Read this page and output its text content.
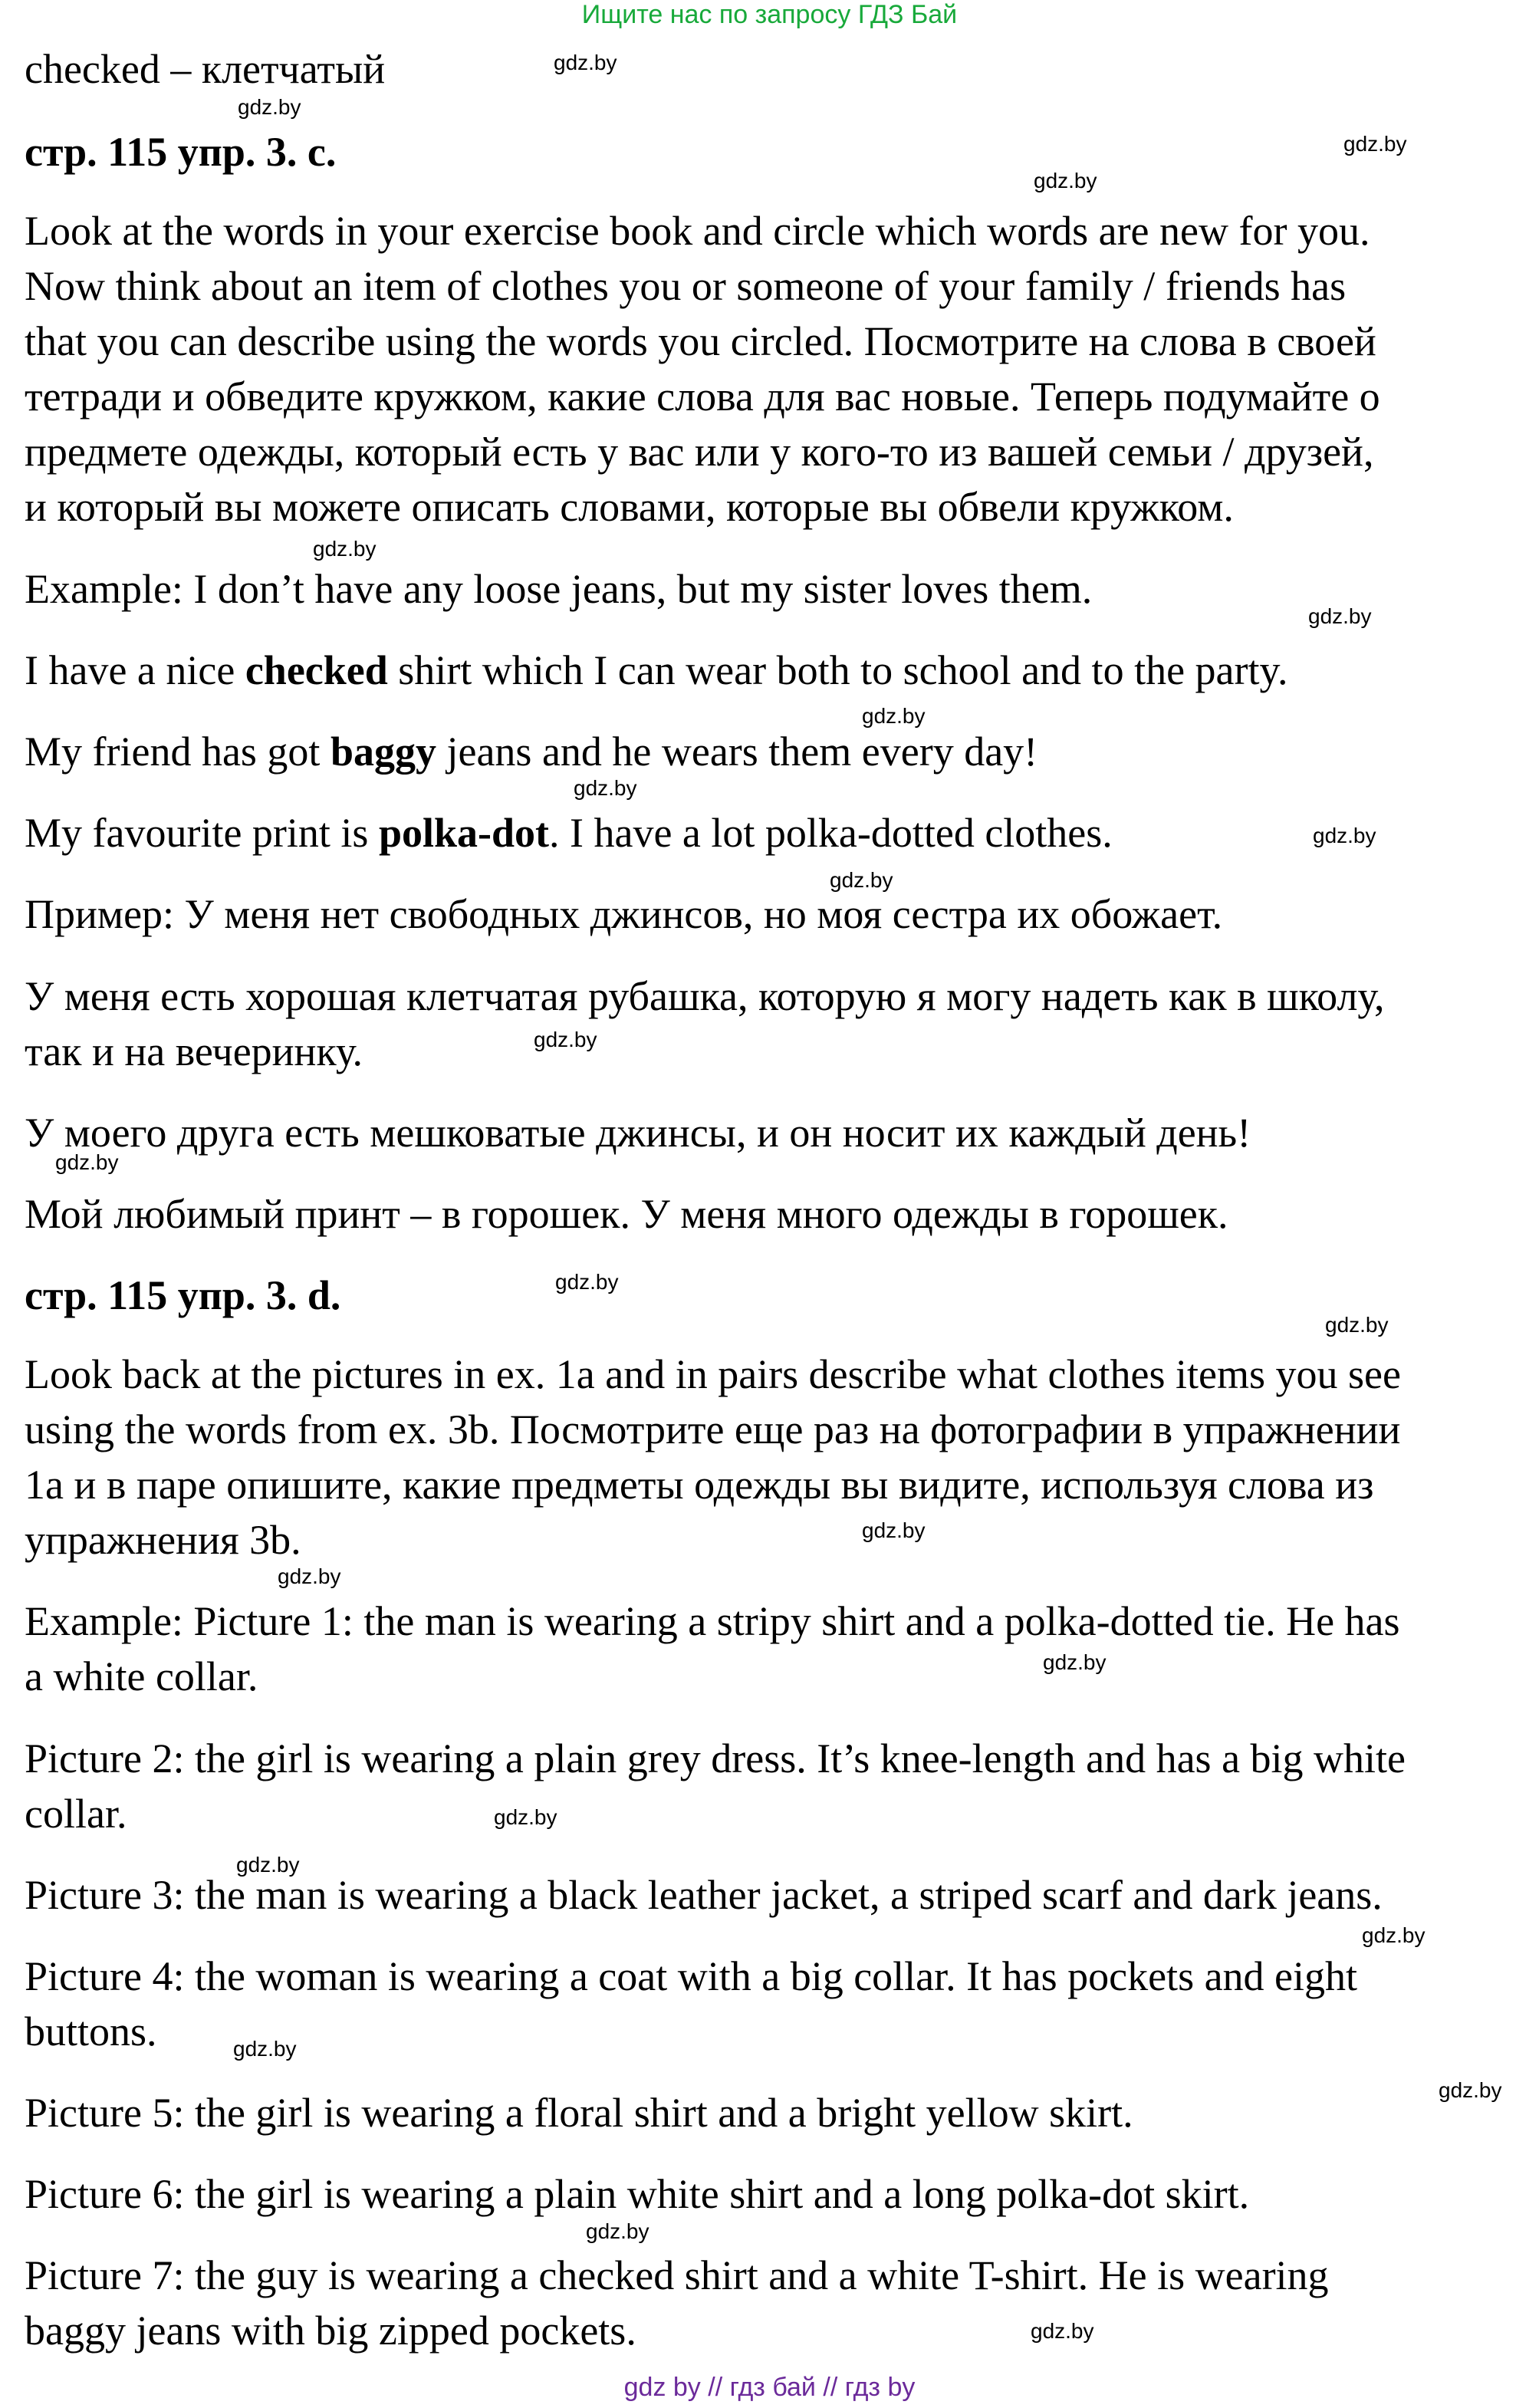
Ищите нас по запросу ГДЗ Бай
checked – клетчатый
стр. 115 упр. 3. с.
Look at the words in your exercise book and circle which words are new for you.
Now think about an item of clothes you or someone of your family / friends has
that you can describe using the words you circled. Посмотрите на слова в своей
тетради и обведите кружком, какие слова для вас новые. Теперь подумайте о
предмете одежды, который есть у вас или у кого-то из вашей семьи / друзей,
и который вы можете описать словами, которые вы обвели кружком.
Example: I don’t have any loose jeans, but my sister loves them.
I have a nice checked shirt which I can wear both to school and to the party.
My friend has got baggy jeans and he wears them every day!
My favourite print is polka-dot. I have a lot polka-dotted clothes.
Пример: У меня нет свободных джинсов, но моя сестра их обожает.
У меня есть хорошая клетчатая рубашка, которую я могу надеть как в школу,
так и на вечеринку.
У моего друга есть мешковатые джинсы, и он носит их каждый день!
Мой любимый принт – в горошек. У меня много одежды в горошек.
стр. 115 упр. 3. d.
Look back at the pictures in ex. 1a and in pairs describe what clothes items you see
using the words from ex. 3b. Посмотрите еще раз на фотографии в упражнении
1a и в паре опишите, какие предметы одежды вы видите, используя слова из
упражнения 3b.
Example: Picture 1: the man is wearing a stripy shirt and a polka-dotted tie. He has
a white collar.
Picture 2: the girl is wearing a plain grey dress. It’s knee-length and has a big white
collar.
Picture 3: the man is wearing a black leather jacket, a striped scarf and dark jeans.
Picture 4: the woman is wearing a coat with a big collar. It has pockets and eight
buttons.
Picture 5: the girl is wearing a floral shirt and a bright yellow skirt.
Picture 6: the girl is wearing a plain white shirt and a long polka-dot skirt.
Picture 7: the guy is wearing a checked shirt and a white T-shirt. He is wearing
baggy jeans with big zipped pockets.
gdz.by
gdz.by
gdz.by
gdz.by
gdz.by
gdz.by
gdz.by
gdz.by
gdz.by
gdz.by
gdz.by
gdz.by
gdz.by
gdz.by
gdz.by
gdz.by
gdz.by
gdz.by
gdz.by
gdz.by
gdz.by
gdz.by
gdz.by
gdz.by
gdz by // гдз бай // гдз by
